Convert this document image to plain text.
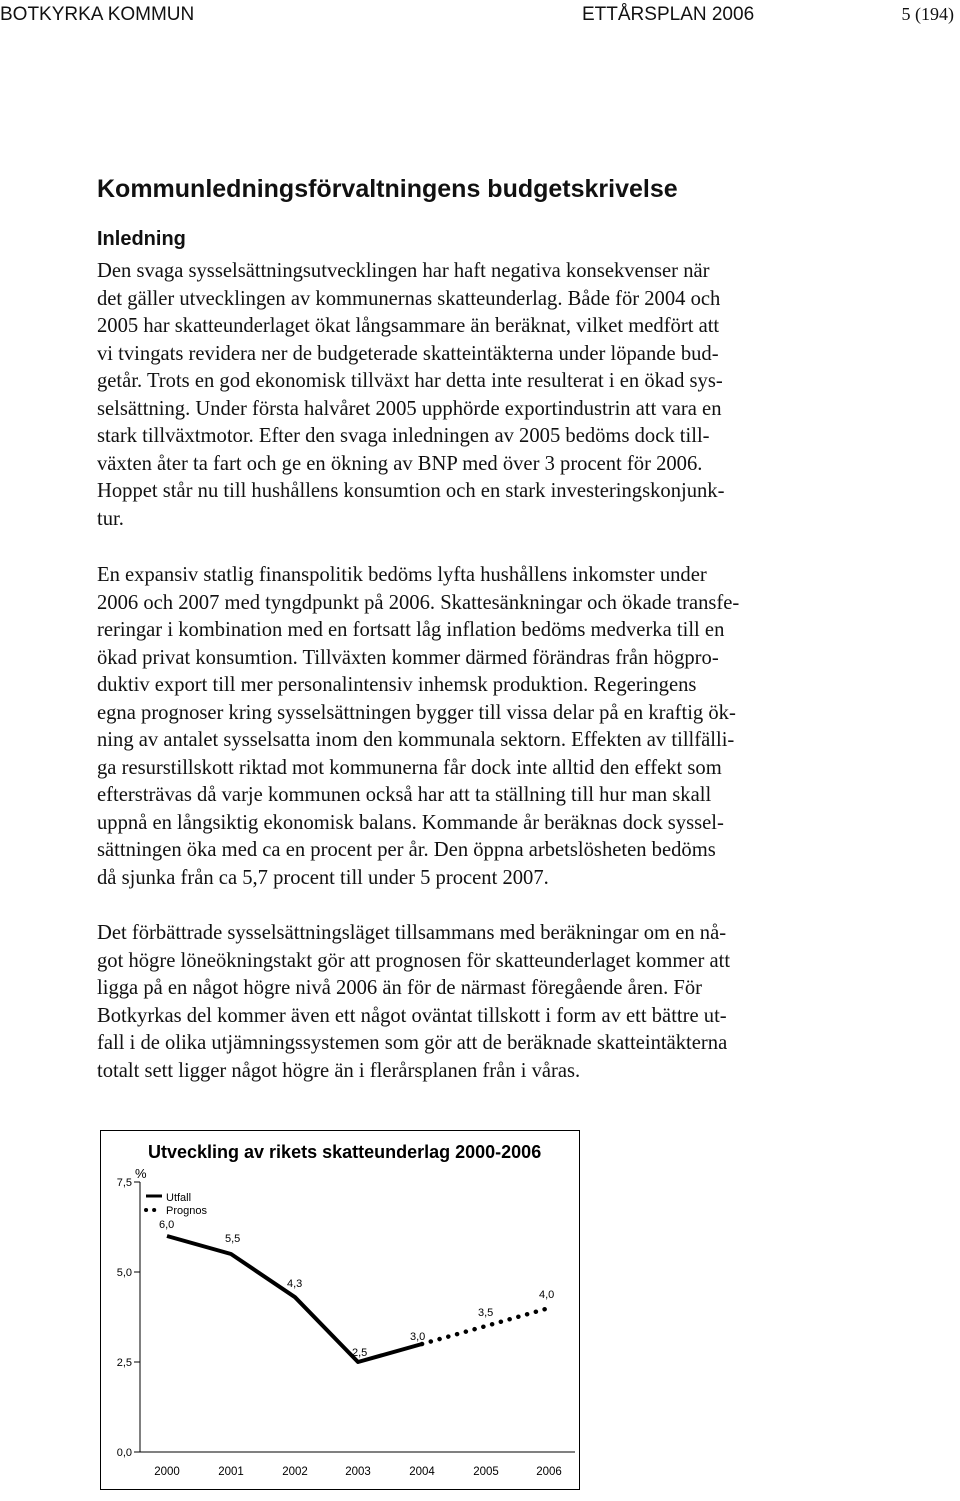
BOTKYRKA KOMMUN	ETTÅRSPLAN 2006	5 (194)
Kommunledningsförvaltningens budgetskrivelse
Inledning

Den svaga sysselsättningsutvecklingen har haft negativa konsekvenser när
det gäller utvecklingen av kommunernas skatteunderlag. Både för 2004 och
2005 har skatteunderlaget ökat långsammare än beräknat, vilket medfört att
vi tvingats revidera ner de budgeterade skatteintäkterna under löpande bud-
getår. Trots en god ekonomisk tillväxt har detta inte resulterat i en ökad sys-
selsättning. Under första halvåret 2005 upphörde exportindustrin att vara en
stark tillväxtmotor. Efter den svaga inledningen av 2005 bedöms dock till-
växten åter ta fart och ge en ökning av BNP med över 3 procent för 2006.
Hoppet står nu till hushållens konsumtion och en stark investeringskonjunk-
tur.

En expansiv statlig finanspolitik bedöms lyfta hushållens inkomster under
2006 och 2007 med tyngdpunkt på 2006. Skattesänkningar och ökade transfe-
reringar i kombination med en fortsatt låg inflation bedöms medverka till en
ökad privat konsumtion. Tillväxten kommer därmed förändras från högpro-
duktiv export till mer personalintensiv inhemsk produktion. Regeringens
egna prognoser kring sysselsättningen bygger till vissa delar på en kraftig ök-
ning av antalet sysselsatta inom den kommunala sektorn. Effekten av tillfälli-
ga resurstillskott riktad mot kommunerna får dock inte alltid den effekt som
eftersträvas då varje kommunen också har att ta ställning till hur man skall
uppnå en långsiktig ekonomisk balans. Kommande år beräknas dock syssel-
sättningen öka med ca en procent per år. Den öppna arbetslösheten bedöms
då sjunka från ca 5,7 procent till under 5 procent 2007.

Det förbättrade sysselsättningsläget tillsammans med beräkningar om en nå-
got högre löneökningstakt gör att prognosen för skatteunderlaget kommer att
ligga på en något högre nivå 2006 än för de närmast föregående åren. För
Botkyrkas del kommer även ett något oväntat tillskott i form av ett bättre ut-
fall i de olika utjämningssystemen som gör att de beräknade skatteintäkterna
totalt sett ligger något högre än i flerårsplanen från i våras.

Utveckling av rikets skatteunderlag 2000-2006
%
0,0
2,5
5,0
7,5
2000	2001	2002	2003	2004	2005	2006
6,0
5,5
4,3
2,5
3,0
3,5
4,0
Utfall
Prognos
